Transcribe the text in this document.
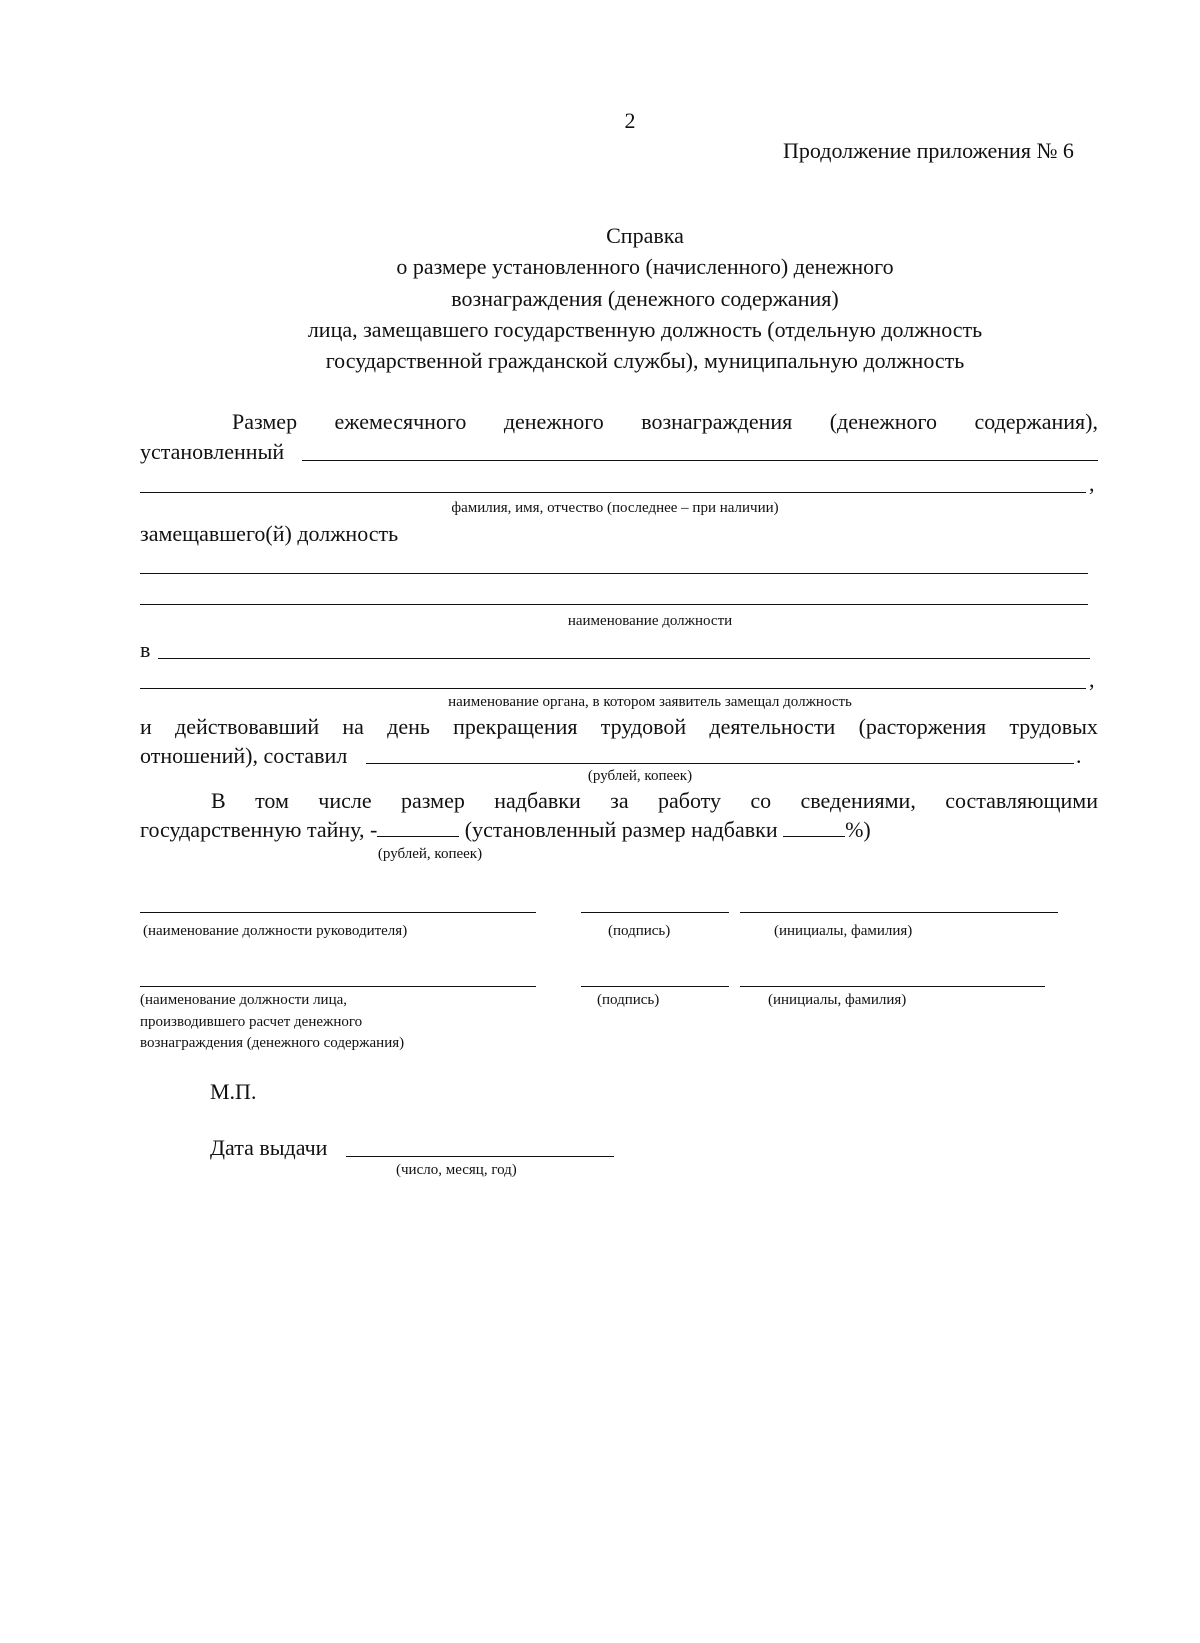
2
Продолжение приложения № 6
Справка
о размере установленного (начисленного) денежного
вознаграждения (денежного содержания)
лица, замещавшего государственную должность (отдельную должность
государственной гражданской службы), муниципальную должность
Размер ежемесячного денежного вознаграждения (денежного содержания),
установленный
,
фамилия, имя, отчество (последнее – при наличии)
замещавшего(й) должность
наименование должности
в
,
наименование органа, в котором заявитель замещал должность
и действовавший на день прекращения трудовой деятельности (расторжения трудовых
отношений), составил	.
(рублей, копеек)
В том числе размер надбавки за работу со сведениями, составляющими
государственную тайну, -	(установленный размер надбавки	%)
(рублей, копеек)
(наименование должности руководителя)	(подпись)	(инициалы, фамилия)
(наименование должности лица,
производившего расчет денежного
вознаграждения (денежного содержания)
(подпись)	(инициалы, фамилия)
М.П.
Дата выдачи
(число, месяц, год)
